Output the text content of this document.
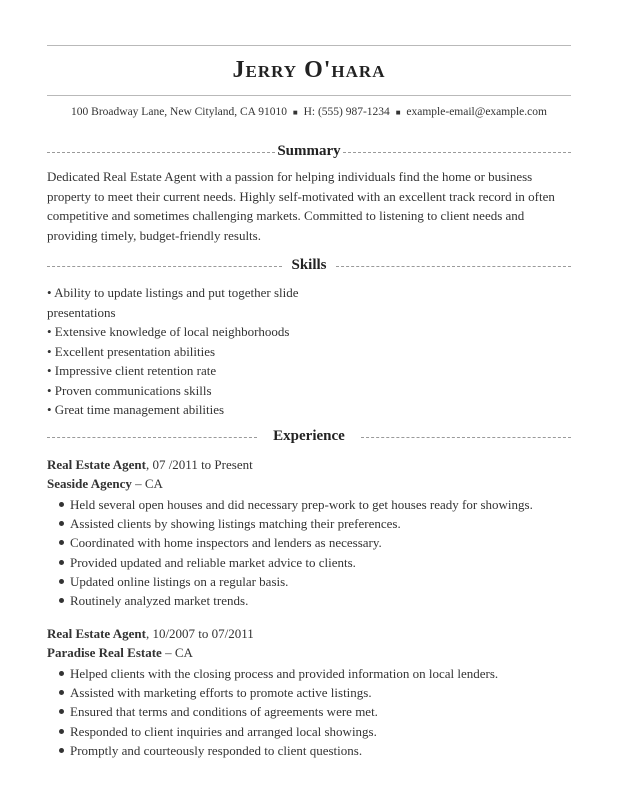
Jerry O'hara
100 Broadway Lane, New Cityland, CA 91010 ■ H: (555) 987-1234 ■ example-email@example.com
Summary
Dedicated Real Estate Agent with a passion for helping individuals find the home or business property to meet their current needs. Highly self-motivated with an excellent track record in often competitive and sometimes challenging markets. Committed to listening to client needs and providing timely, budget-friendly results.
Skills
• Ability to update listings and put together slide presentations
• Extensive knowledge of local neighborhoods
• Excellent presentation abilities
• Impressive client retention rate
• Proven communications skills
• Great time management abilities
Experience
Real Estate Agent, 07 /2011 to Present
Seaside Agency – CA
Held several open houses and did necessary prep-work to get houses ready for showings.
Assisted clients by showing listings matching their preferences.
Coordinated with home inspectors and lenders as necessary.
Provided updated and reliable market advice to clients.
Updated online listings on a regular basis.
Routinely analyzed market trends.
Real Estate Agent, 10/2007 to 07/2011
Paradise Real Estate – CA
Helped clients with the closing process and provided information on local lenders.
Assisted with marketing efforts to promote active listings.
Ensured that terms and conditions of agreements were met.
Responded to client inquiries and arranged local showings.
Promptly and courteously responded to client questions.
